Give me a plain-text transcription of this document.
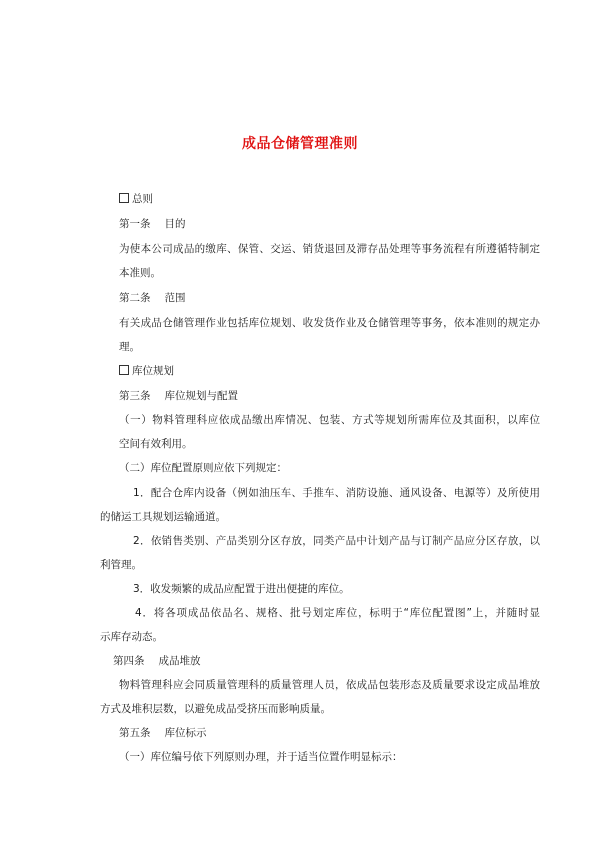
成品仓储管理准则
总则
第一条 目的
为使本公司成品的缴库、保管、交运、销货退回及滞存品处理等事务流程有所遵循特制定
本准则。
第二条 范围
有关成品仓储管理作业包括库位规划、收发货作业及仓储管理等事务，依本准则的规定办
理。
库位规划
第三条 库位规划与配置
（一）物料管理科应依成品缴出库情况、包装、方式等规划所需库位及其面积，以库位
空间有效利用。
（二）库位配置原则应依下列规定：
1．配合仓库内设备（例如油压车、手推车、消防设施、通风设备、电源等）及所使用
的储运工具规划运输通道。
2．依销售类别、产品类别分区存放，同类产品中计划产品与订制产品应分区存放，以
利管理。
3．收发频繁的成品应配置于进出便捷的库位。
4．将各项成品依品名、规格、批号划定库位，标明于“库位配置图”上，并随时显
示库存动态。
第四条 成品堆放
物料管理科应会同质量管理科的质量管理人员，依成品包装形态及质量要求设定成品堆放
方式及堆积层数，以避免成品受挤压而影响质量。
第五条 库位标示
（一）库位编号依下列原则办理，并于适当位置作明显标示：
